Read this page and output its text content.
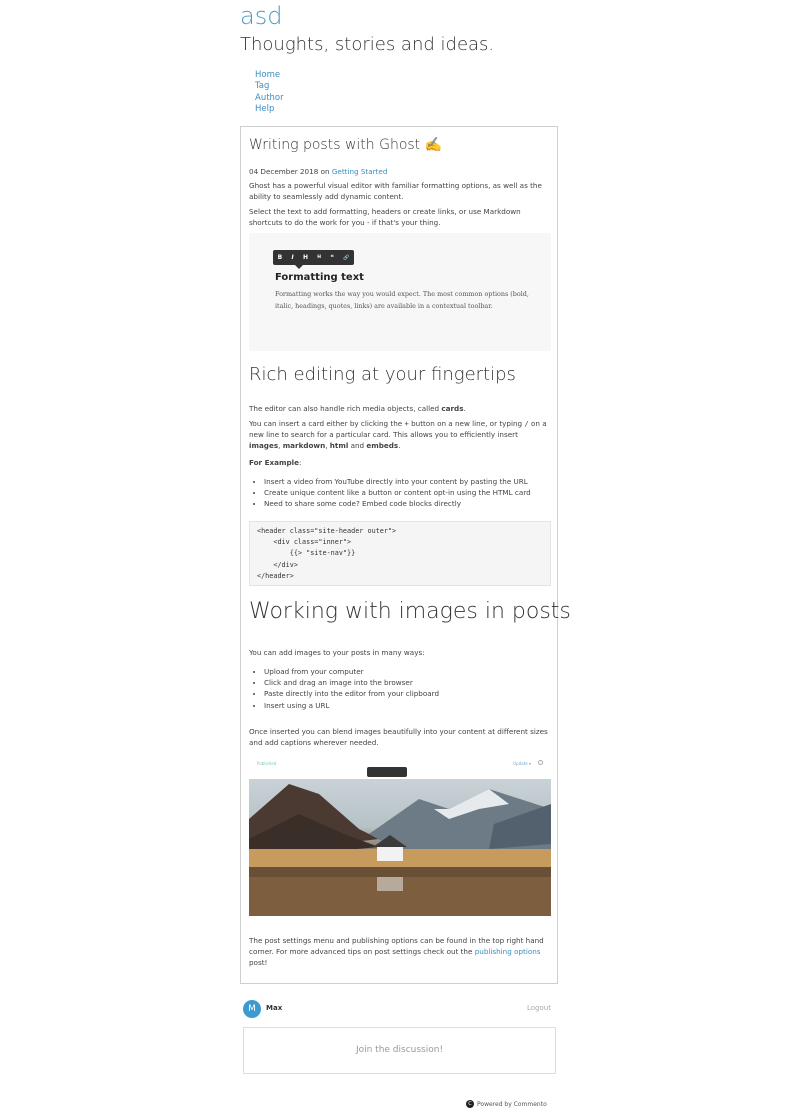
asd
Thoughts, stories and ideas.
Home
Tag
Author
Help
Writing posts with Ghost ✍️

04 December 2018 on Getting Started

Ghost has a powerful visual editor with familiar formatting options, as well as the ability to seamlessly add dynamic content.

Select the text to add formatting, headers or create links, or use Markdown shortcuts to do the work for you - if that's your thing.

B I H H ❝ 🔗
Formatting text
Formatting works the way you would expect. The most common options (bold, italic, headings, quotes, links) are available in a contextual toolbar.
Rich editing at your fingertips

The editor can also handle rich media objects, called cards.

You can insert a card either by clicking the + button on a new line, or typing / on a new line to search for a particular card. This allows you to efficiently insert images, markdown, html and embeds.

For Example:

• Insert a video from YouTube directly into your content by pasting the URL
• Create unique content like a button or content opt-in using the HTML card
• Need to share some code? Embed code blocks directly
<header class="site-header outer">
<div class="inner">
{{> "site-nav"}}
</div>
</header>
Working with images in posts

You can add images to your posts in many ways:

• Upload from your computer
• Click and drag an image into the browser
• Paste directly into the editor from your clipboard
• Insert using a URL

Once inserted you can blend images beautifully into your content at different sizes and add captions wherever needed.

Published	Update ▾

The post settings menu and publishing options can be found in the top right hand corner. For more advanced tips on post settings check out the publishing options post!

M	Max	Logout
Join the discussion!
C Powered by Commento
